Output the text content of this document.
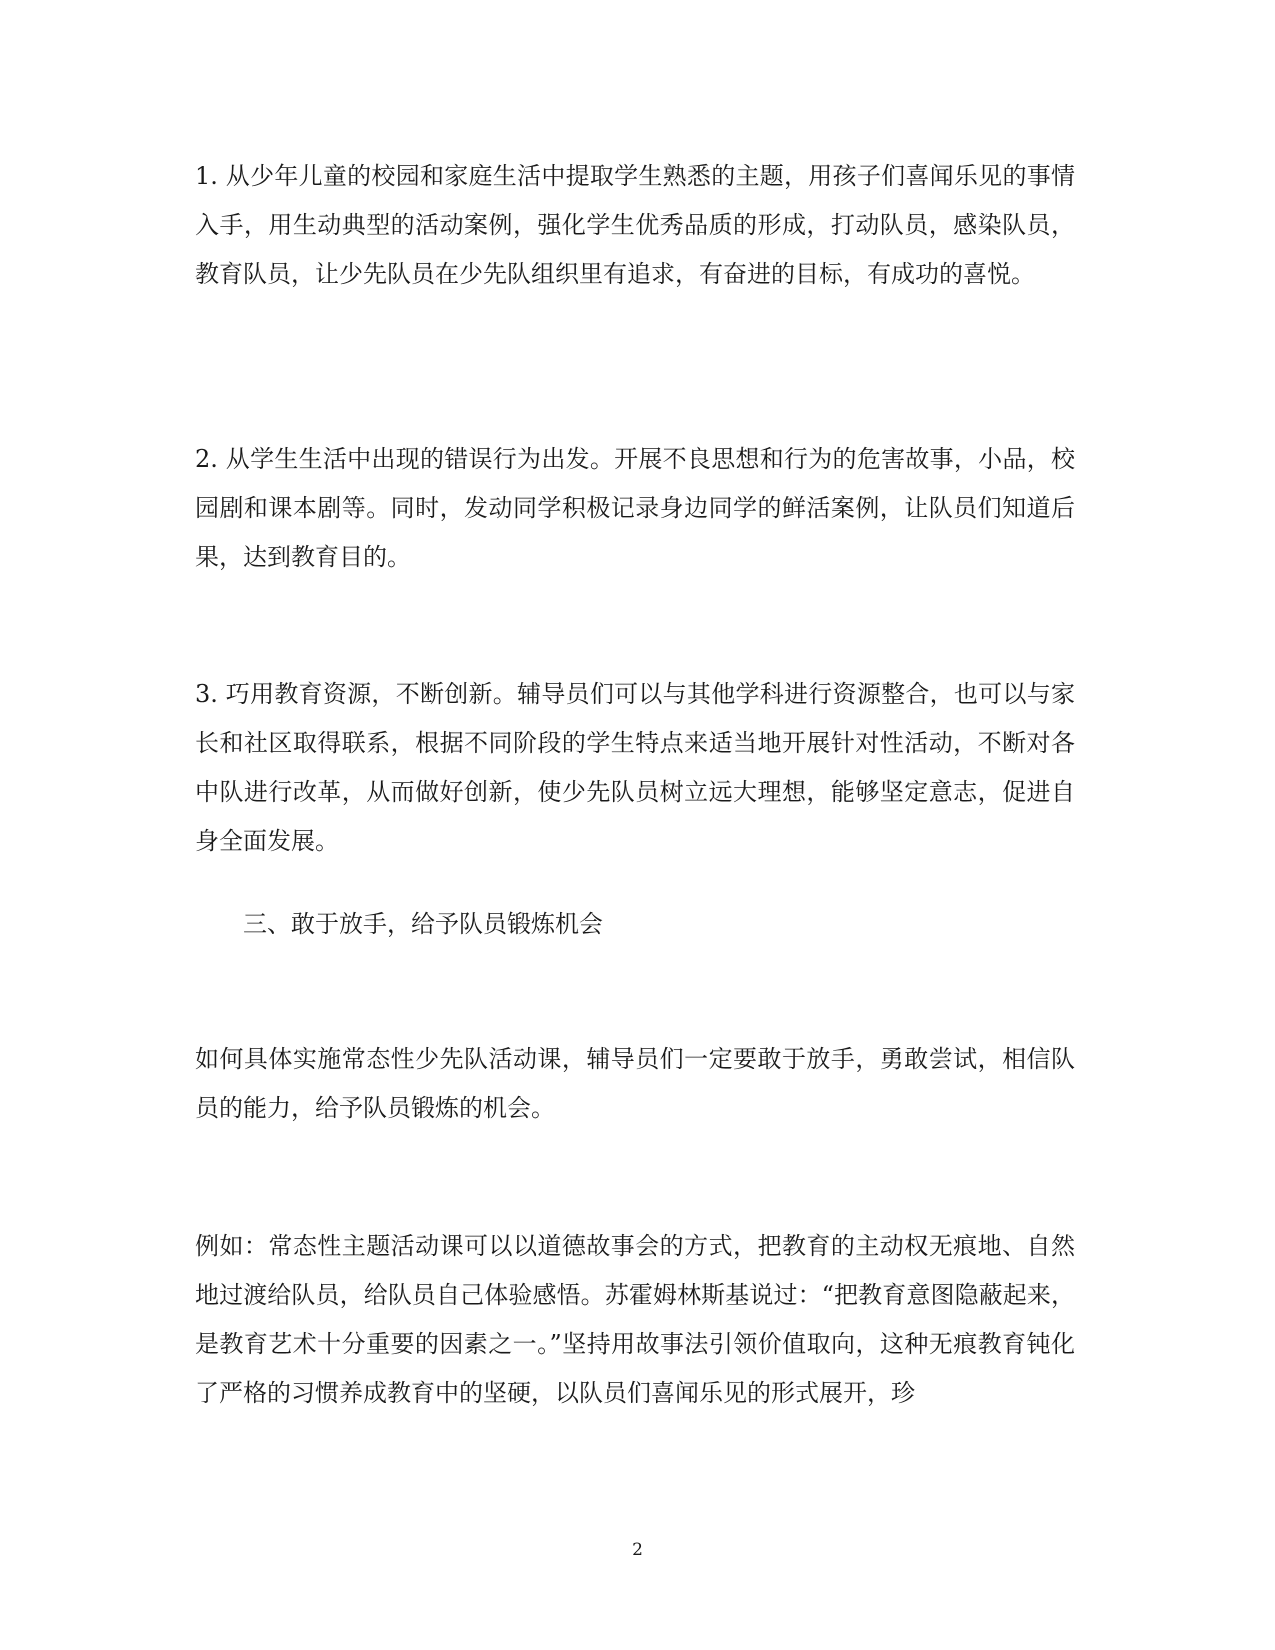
1. 从少年儿童的校园和家庭生活中提取学生熟悉的主题，用孩子们喜闻乐见的事情入手，用生动典型的活动案例，强化学生优秀品质的形成，打动队员，感染队员，教育队员，让少先队员在少先队组织里有追求，有奋进的目标，有成功的喜悦。

2. 从学生生活中出现的错误行为出发。开展不良思想和行为的危害故事，小品，校园剧和课本剧等。同时，发动同学积极记录身边同学的鲜活案例，让队员们知道后果，达到教育目的。

3. 巧用教育资源，不断创新。辅导员们可以与其他学科进行资源整合，也可以与家长和社区取得联系，根据不同阶段的学生特点来适当地开展针对性活动，不断对各中队进行改革，从而做好创新，使少先队员树立远大理想，能够坚定意志，促进自身全面发展。

三、敢于放手，给予队员锻炼机会

如何具体实施常态性少先队活动课，辅导员们一定要敢于放手，勇敢尝试，相信队员的能力，给予队员锻炼的机会。

例如：常态性主题活动课可以以道德故事会的方式，把教育的主动权无痕地、自然地过渡给队员，给队员自己体验感悟。苏霍姆林斯基说过：“把教育意图隐蔽起来，是教育艺术十分重要的因素之一。”坚持用故事法引领价值取向，这种无痕教育钝化了严格的习惯养成教育中的坚硬，以队员们喜闻乐见的形式展开，珍

2
